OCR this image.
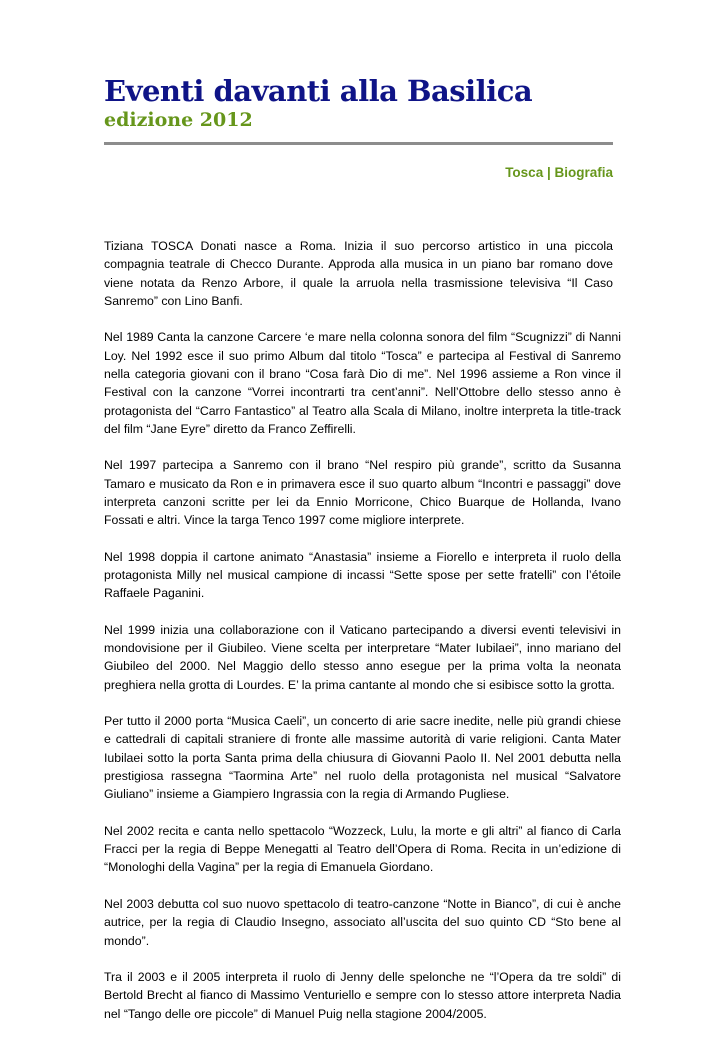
Eventi davanti alla Basilica
edizione 2012
Tosca | Biografia

Tiziana TOSCA Donati nasce a Roma. Inizia il suo percorso artistico in una piccola compagnia teatrale di Checco Durante. Approda alla musica in un piano bar romano dove viene notata da Renzo Arbore, il quale la arruola nella trasmissione televisiva “Il Caso Sanremo” con Lino Banfi.

Nel 1989 Canta la canzone Carcere ‘e mare nella colonna sonora del film “Scugnizzi” di Nanni Loy. Nel 1992 esce il suo primo Album dal titolo “Tosca” e partecipa al Festival di Sanremo nella categoria giovani con il brano “Cosa farà Dio di me”. Nel 1996 assieme a Ron vince il Festival con la canzone “Vorrei incontrarti tra cent’anni”. Nell’Ottobre dello stesso anno è protagonista del “Carro Fantastico” al Teatro alla Scala di Milano, inoltre interpreta la title-track del film “Jane Eyre” diretto da Franco Zeffirelli.

Nel 1997 partecipa a Sanremo con il brano “Nel respiro più grande”, scritto da Susanna Tamaro e musicato da Ron e in primavera esce il suo quarto album “Incontri e passaggi” dove interpreta canzoni scritte per lei da Ennio Morricone, Chico Buarque de Hollanda, Ivano Fossati e altri. Vince la targa Tenco 1997 come migliore interprete.

Nel 1998 doppia il cartone animato “Anastasia” insieme a Fiorello e interpreta il ruolo della protagonista Milly nel musical campione di incassi “Sette spose per sette fratelli” con l’étoile Raffaele Paganini.

Nel 1999 inizia una collaborazione con il Vaticano partecipando a diversi eventi televisivi in mondovisione per il Giubileo. Viene scelta per interpretare “Mater Iubilaei”, inno mariano del Giubileo del 2000. Nel Maggio dello stesso anno esegue per la prima volta la neonata preghiera nella grotta di Lourdes. E’ la prima cantante al mondo che si esibisce sotto la grotta.

Per tutto il 2000 porta “Musica Caeli”, un concerto di arie sacre inedite, nelle più grandi chiese e cattedrali di capitali straniere di fronte alle massime autorità di varie religioni. Canta Mater Iubilaei sotto la porta Santa prima della chiusura di Giovanni Paolo II. Nel 2001 debutta nella prestigiosa rassegna “Taormina Arte” nel ruolo della protagonista nel musical “Salvatore Giuliano” insieme a Giampiero Ingrassia con la regia di Armando Pugliese.

Nel 2002 recita e canta nello spettacolo “Wozzeck, Lulu, la morte e gli altri” al fianco di Carla Fracci per la regia di Beppe Menegatti al Teatro dell’Opera di Roma. Recita in un’edizione di “Monologhi della Vagina” per la regia di Emanuela Giordano.

Nel 2003 debutta col suo nuovo spettacolo di teatro-canzone “Notte in Bianco”, di cui è anche autrice, per la regia di Claudio Insegno, associato all’uscita del suo quinto CD “Sto bene al mondo”.

Tra il 2003 e il 2005 interpreta il ruolo di Jenny delle spelonche ne “l’Opera da tre soldi” di Bertold Brecht al fianco di Massimo Venturiello e sempre con lo stesso attore interpreta Nadia nel “Tango delle ore piccole” di Manuel Puig nella stagione 2004/2005.
